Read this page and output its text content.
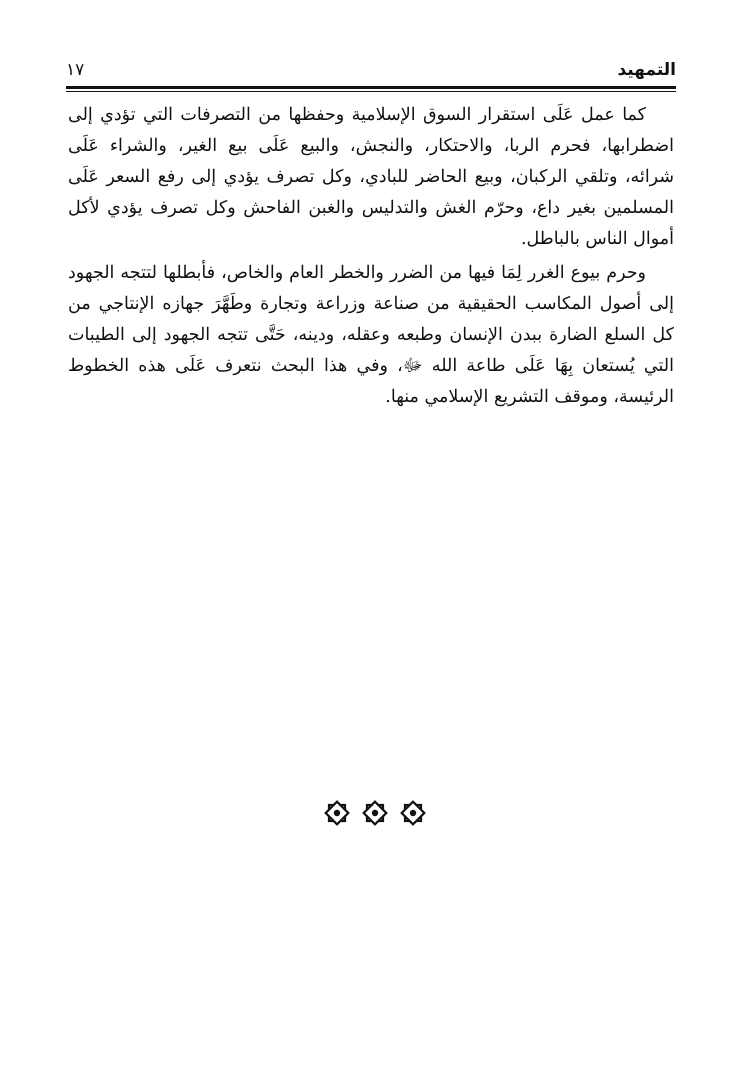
التمهيد
١٧

كما عمل عَلَى استقرار السوق الإسلامية وحفظها من التصرفات التي تؤدي إلى اضطرابها، فحرم الربا، والاحتكار، والنجش، والبيع عَلَى بيع الغير، والشراء عَلَى شرائه، وتلقي الركبان، وبيع الحاضر للبادي، وكل تصرف يؤدي إلى رفع السعر عَلَى المسلمين بغير داع، وحرّم الغش والتدليس والغبن الفاحش وكل تصرف يؤدي لأكل أموال الناس بالباطل.

وحرم بيوع الغرر لِمَا فيها من الضرر والخطر العام والخاص، فأبطلها لتتجه الجهود إلى أصول المكاسب الحقيقية من صناعة وزراعة وتجارة وطَهَّرَ جهازه الإنتاجي من كل السلع الضارة ببدن الإنسان وطبعه وعقله، ودينه، حَتَّى تتجه الجهود إلى الطيبات التي يُستعان بِهَا عَلَى طاعة الله ﷻ، وفي هذا البحث نتعرف عَلَى هذه الخطوط الرئيسة، وموقف التشريع الإسلامي منها.
